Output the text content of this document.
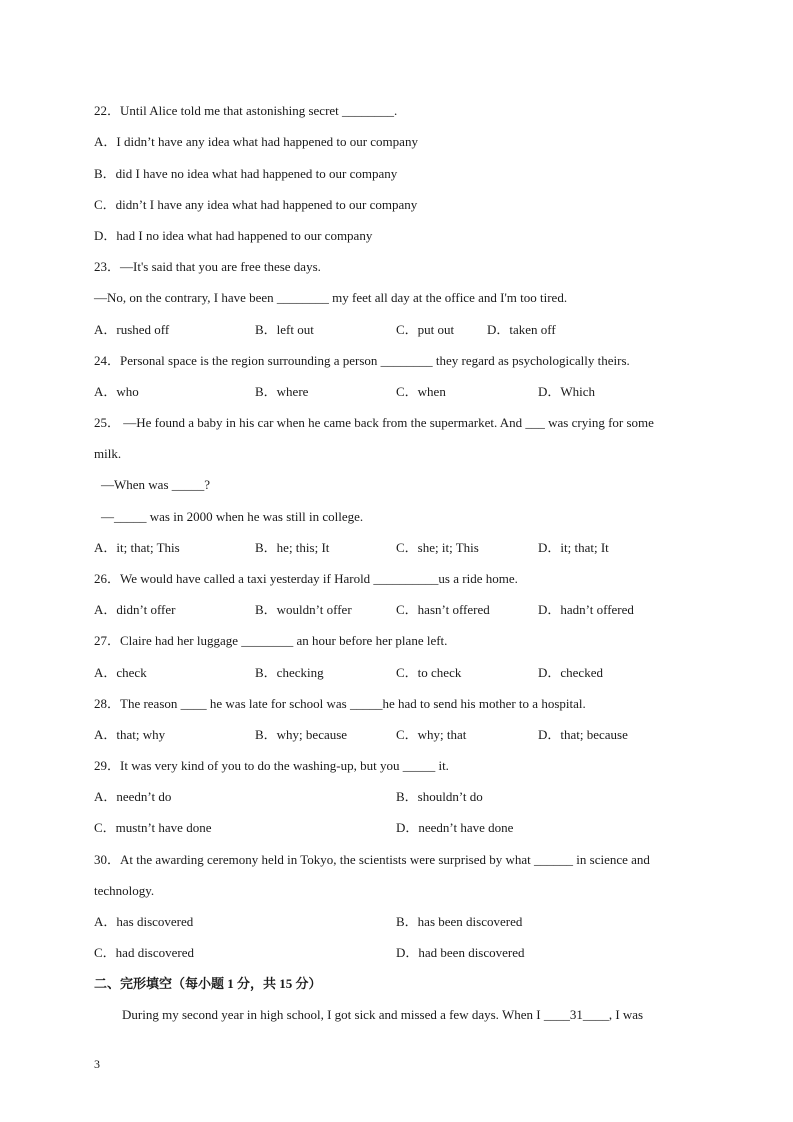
22．Until Alice told me that astonishing secret ________.
A．I didn’t have any idea what had happened to our company
B．did I have no idea what had happened to our company
C．didn’t I have any idea what had happened to our company
D．had I no idea what had happened to our company
23．—It's said that you are free these days.
—No, on the contrary, I have been ________ my feet all day at the office and I'm too tired.
A．rushed off	B．left out	C．put out	D．taken off
24．Personal space is the region surrounding a person ________ they regard as psychologically theirs.
A．who	B．where	C．when	D．Which
25． —He found a baby in his car when he came back from the supermarket. And ___ was crying for some
milk.
—When was _____?
—_____ was in 2000 when he was still in college.
A．it; that; This	B．he; this; It	C．she; it; This	D．it; that; It
26．We would have called a taxi yesterday if Harold __________us a ride home.
A．didn’t offer	B．wouldn’t offer	C．hasn’t offered	D．hadn’t offered
27．Claire had her luggage ________ an hour before her plane left.
A．check	B．checking	C．to check	D．checked
28．The reason ____ he was late for school was _____he had to send his mother to a hospital.
A．that; why	B．why; because	C．why; that	D．that; because
29．It was very kind of you to do the washing-up, but you _____ it.
A．needn’t do	B．shouldn’t do
C．mustn’t have done	D．needn’t have done
30．At the awarding ceremony held in Tokyo, the scientists were surprised by what ______ in science and
technology.
A．has discovered	B．has been discovered
C．had discovered	D．had been discovered
二、完形填空（每小题 1 分，共 15 分）
During my second year in high school, I got sick and missed a few days. When I ____31____, I was
3
